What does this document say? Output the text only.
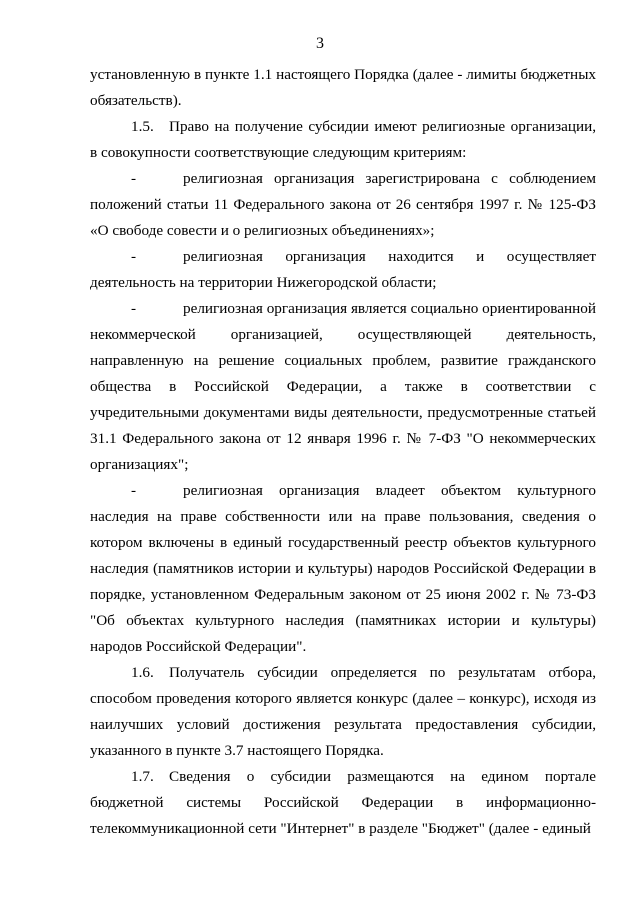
3

установленную в пункте 1.1 настоящего Порядка (далее - лимиты бюджетных обязательств).

1.5. Право на получение субсидии имеют религиозные организации, в совокупности соответствующие следующим критериям:

-	религиозная организация зарегистрирована с соблюдением положений статьи 11 Федерального закона от 26 сентября 1997 г. № 125-ФЗ «О свободе совести и о религиозных объединениях»;

-	религиозная организация находится и осуществляет деятельность на территории Нижегородской области;

-	религиозная организация является социально ориентированной некоммерческой организацией, осуществляющей деятельность, направленную на решение социальных проблем, развитие гражданского общества в Российской Федерации, а также в соответствии с учредительными документами виды деятельности, предусмотренные статьей 31.1 Федерального закона от 12 января 1996 г. № 7-ФЗ "О некоммерческих организациях";

-	религиозная организация владеет объектом культурного наследия на праве собственности или на праве пользования, сведения о котором включены в единый государственный реестр объектов культурного наследия (памятников истории и культуры) народов Российской Федерации в порядке, установленном Федеральным законом от 25 июня 2002 г. № 73-ФЗ "Об объектах культурного наследия (памятниках истории и культуры) народов Российской Федерации".

1.6. Получатель субсидии определяется по результатам отбора, способом проведения которого является конкурс (далее – конкурс), исходя из наилучших условий достижения результата предоставления субсидии, указанного в пункте 3.7 настоящего Порядка.

1.7. Сведения о субсидии размещаются на едином портале бюджетной системы Российской Федерации в информационно-телекоммуникационной сети "Интернет" в разделе "Бюджет" (далее - единый
